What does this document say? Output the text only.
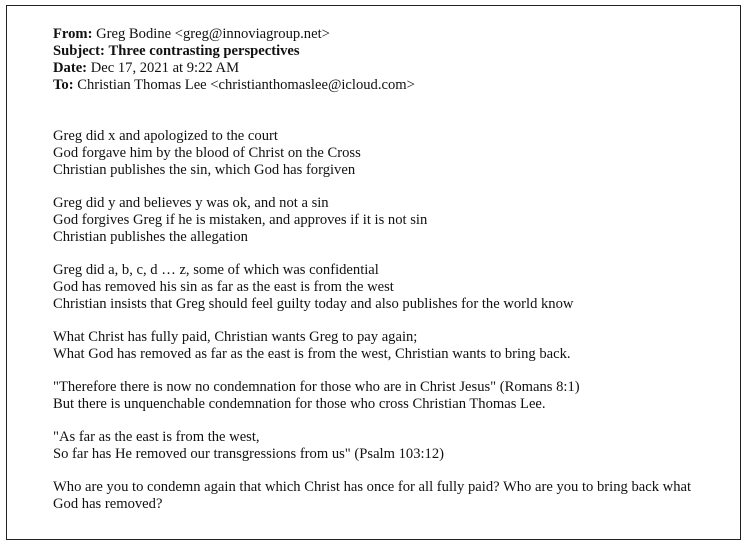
From: Greg Bodine <greg@innoviagroup.net>
Subject: Three contrasting perspectives
Date: Dec 17, 2021 at 9:22 AM
To: Christian Thomas Lee <christianthomaslee@icloud.com>
Greg did x and apologized to the court
God forgave him by the blood of Christ on the Cross
Christian publishes the sin, which God has forgiven
Greg did y and believes y was ok, and not a sin
God forgives Greg if he is mistaken, and approves if it is not sin
Christian publishes the allegation
Greg did a, b, c, d … z, some of which was confidential
God has removed his sin as far as the east is from the west
Christian insists that Greg should feel guilty today and also publishes for the world know
What Christ has fully paid, Christian wants Greg to pay again;
What God has removed as far as the east is from the west, Christian wants to bring back.
"Therefore there is now no condemnation for those who are in Christ Jesus" (Romans 8:1)
But there is unquenchable condemnation for those who cross Christian Thomas Lee.
"As far as the east is from the west,
So far has He removed our transgressions from us" (Psalm 103:12)
Who are you to condemn again that which Christ has once for all fully paid? Who are you to bring back what God has removed?
